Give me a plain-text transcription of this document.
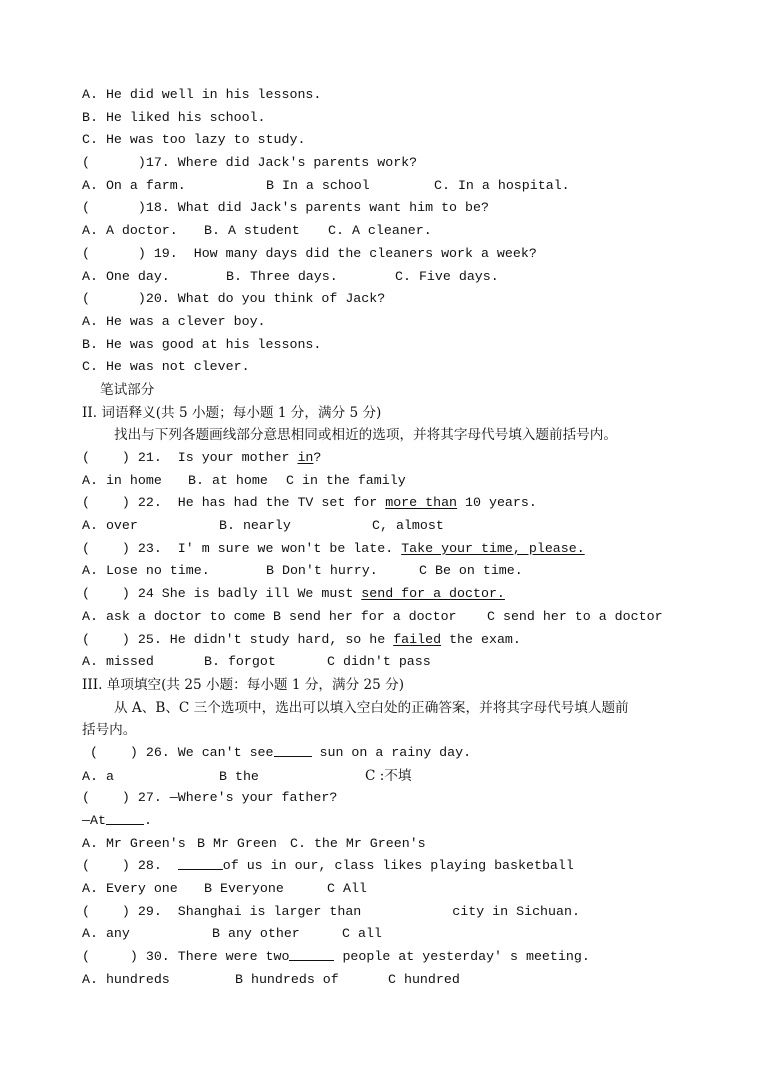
A. He did well in his lessons.
B. He liked his school.
C. He was too lazy to study.
(      )17. Where did Jack's parents work?
A. On a farm.	B In a school	C. In a hospital.
(      )18. What did Jack's parents want him to be?
A. A doctor. B. A student C. A cleaner.
(      ) 19.  How many days did the cleaners work a week?
A. One day.	B. Three days.	C. Five days.
(      )20. What do you think of Jack?
A. He was a clever boy.
B. He was good at his lessons.
C. He was not clever.
笔试部分
II. 词语释义(共 5 小题；每小题 1 分，满分 5 分)
找出与下列各题画线部分意思相同或相近的选项，并将其字母代号填入题前括号内。
(    ) 21.  Is your mother in?
A. in home B. at home C in the family
(    ) 22.  He has had the TV set for more than 10 years.
A. over	B. nearly	C, almost
(    ) 23.  I' m sure we won't be late. Take your time, please.
A. Lose no time.	B Don't hurry.	C Be on time.
(    ) 24 She is badly ill We must send for a doctor.
A. ask a doctor to come B send her for a doctor C send her to a doctor
(    ) 25. He didn't study hard, so he failed the exam.
A. missed	B. forgot	C didn't pass
III. 单项填空(共 25 小题：每小题 1 分，满分 25 分)
从 A、B、C 三个选项中，选出可以填入空白处的正确答案，并将其字母代号填人题前
括号内。
(    ) 26. We can't see	sun on a rainy day.
A. a	B the	C :不填
(    ) 27. —Where's your father?
—At	.
A. Mr Green's B Mr Green C. the Mr Green's
(    ) 28.	of us in our, class likes playing basketball
A. Every one B Everyone	C All
(    ) 29.  Shanghai is larger than	city in Sichuan.
A. any	B any other	C all
(     ) 30. There were two	people at yesterday' s meeting.
A. hundreds	B hundreds of	C hundred
